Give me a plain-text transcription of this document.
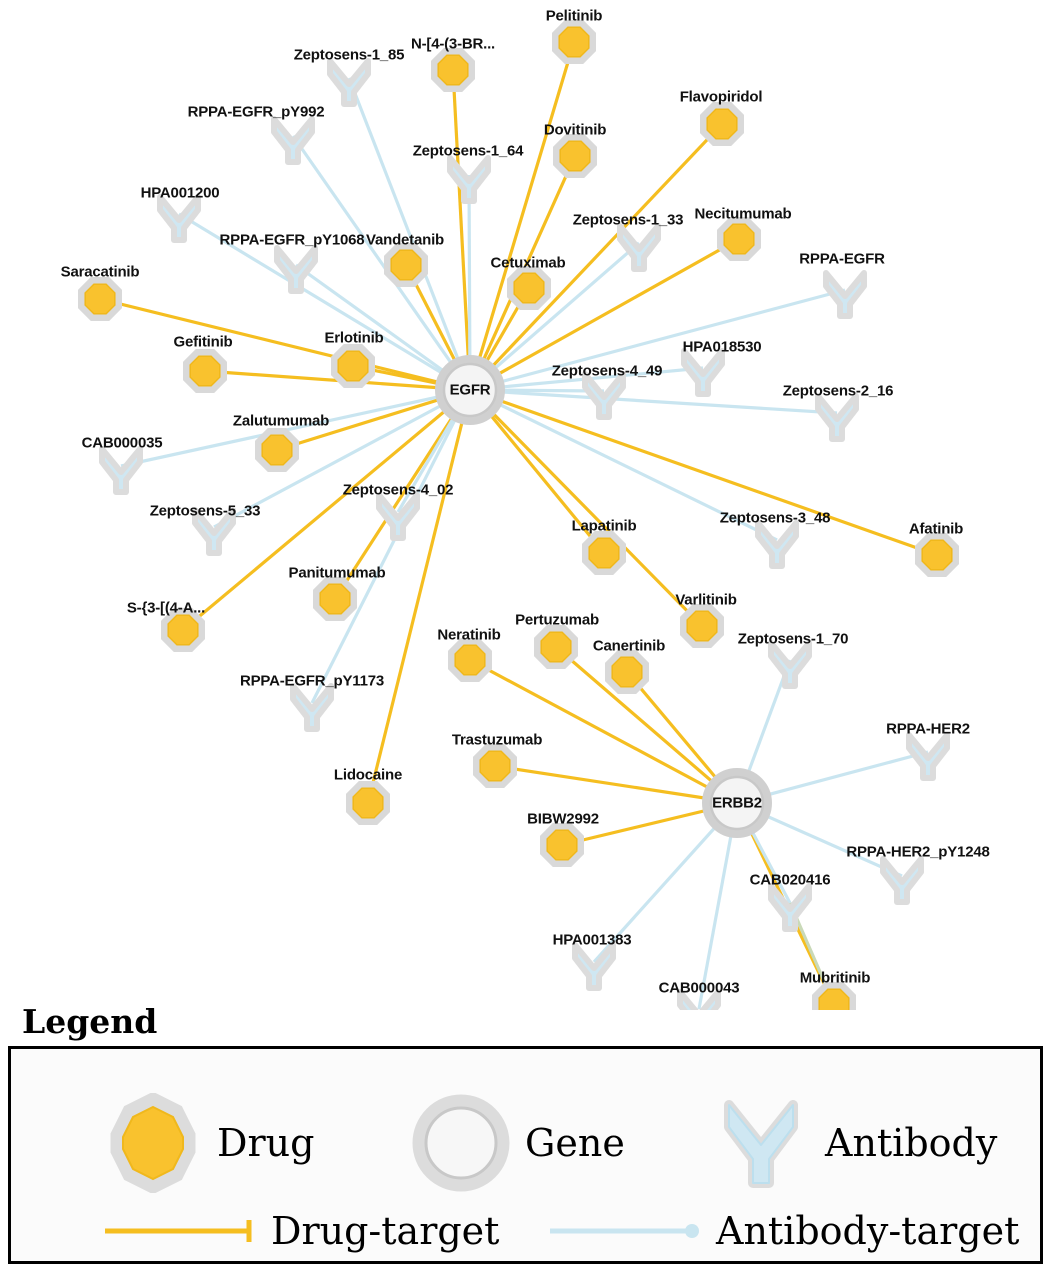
Pelitinib
N-[4-(3-BR...
Flavopiridol
Dovitinib
Necitumumab
Vandetanib
Cetuximab
Saracatinib
Erlotinib
Gefitinib
Zalutumumab
Lapatinib	Afatinib
Panitumumab
S-{3-[(4-A...	Varlitinib
Pertuzumab
Canertinib
Neratinib
Trastuzumab
Lidocaine
BIBW2992
Mubritinib
Zeptosens-1_85
RPPA-EGFR_pY992
Zeptosens-1_64
HPA001200
Zeptosens-1_33
RPPA-EGFR_pY1068
RPPA-EGFR
HPA018530
Zeptosens-4_49
Zeptosens-2_16
CAB000035
Zeptosens-5_33
Zeptosens-4_02
Zeptosens-3_48
Zeptosens-1_70
RPPA-EGFR_pY1173
RPPA-HER2
RPPA-HER2_pY1248
CAB020416
HPA001383
CAB000043
EGFR
ERBB2
Legend
Drug	Gene	Antibody
Drug-target	Antibody-target
